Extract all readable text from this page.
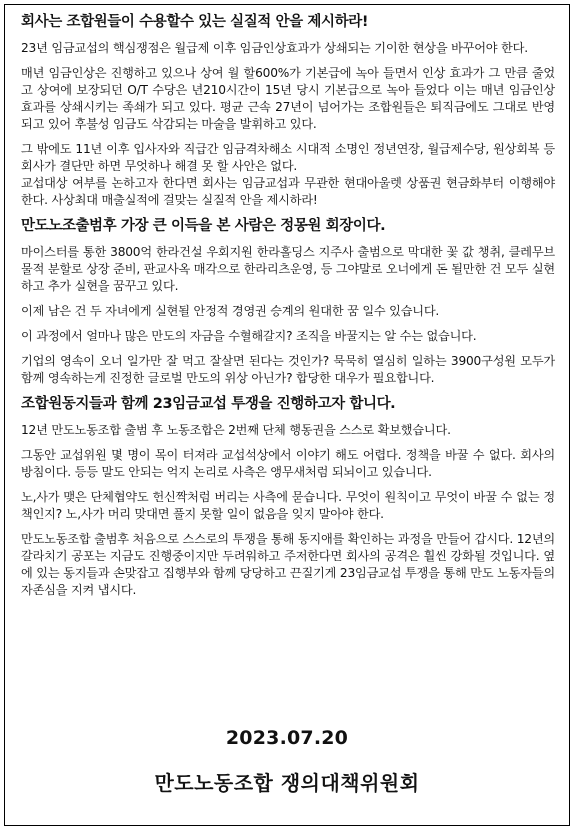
회사는 조합원들이 수용할수 있는 실질적 안을 제시하라!
23년 임금교섭의 핵심쟁점은 월급제 이후 임금인상효과가 상쇄되는 기이한 현상을 바꾸어야 한다.
매년 임금인상은 진행하고 있으나 상여 월 할600%가 기본급에 녹아 들면서 인상 효과가 그 만큼 줄었고 상여에 보장되던 O/T 수당은 년210시간이 15년 당시 기본급으로 녹아 들었다 이는 매년 임금인상효과를 상쇄시키는 족쇄가 되고 있다. 평균 근속 27년이 넘어가는 조합원들은 퇴직금에도 그대로 반영되고 있어 후불성 임금도 삭감되는 마술을 발휘하고 있다.
그 밖에도 11년 이후 입사자와 직급간 임금격차해소 시대적 소명인 정년연장, 월급제수당, 원상회복 등 회사가 결단만 하면 무엇하나 해결 못 할 사안은 없다.
교섭대상 여부를 논하고자 한다면 회사는 임금교섭과 무관한 현대아울렛 상품권 현금화부터 이행해야한다. 사상최대 매출실적에 걸맞는 실질적 안을 제시하라!
만도노조출범후 가장 큰 이득을 본 사람은 정몽원 회장이다.
마이스터를 통한 3800억 한라건설 우회지원 한라홀딩스 지주사 출범으로 막대한 꽃 값 챙취, 클레무브 물적 분할로 상장 준비, 판교사옥 매각으로 한라리츠운영, 등 그야말로 오너에게 돈 될만한 건 모두 실현하고 추가 실현을 꿈꾸고 있다.
이제 남은 건 두 자녀에게 실현될 안정적 경영권 승계의 원대한 꿈 일수 있습니다.
이 과정에서 얼마나 많은 만도의 자금을 수혈해갈지? 조직을 바꿀지는 알 수는 없습니다.
기업의 영속이 오너 일가만 잘 먹고 잘살면 된다는 것인가? 묵묵히 열심히 일하는 3900구성원 모두가 함께 영속하는게 진정한 글로벌 만도의 위상 아닌가? 합당한 대우가 필요합니다.
조합원동지들과 함께 23임금교섭 투쟁을 진행하고자 합니다.
12년 만도노동조합 출범 후 노동조합은 2번째 단체 행동권을 스스로 확보했습니다.
그동안 교섭위원 몇 명이 목이 터져라 교섭석상에서 이야기 해도 어렵다. 정책을 바꿀 수 없다. 회사의 방침이다. 등등 말도 안되는 억지 논리로 사측은 앵무새처럼 되뇌이고 있습니다.
노,사가 맺은 단체협약도 헌신짝처럼 버리는 사측에 묻습니다. 무엇이 원칙이고 무엇이 바꿀 수 없는 정책인지? 노,사가 머리 맞대면 풀지 못할 일이 없음을 잊지 말아야 한다.
만도노동조합 출범후 처음으로 스스로의 투쟁을 통해 동지애를 확인하는 과정을 만들어 갑시다. 12년의 갈라치기 공포는 지금도 진행중이지만 두려워하고 주저한다면 회사의 공격은 훨씬 강화될 것입니다. 옆에 있는 동지들과 손맞잡고 집행부와 함께 당당하고 끈질기게 23임금교섭 투쟁을 통해 만도 노동자들의 자존심을 지켜 냅시다.
2023.07.20
만도노동조합 쟁의대책위원회
